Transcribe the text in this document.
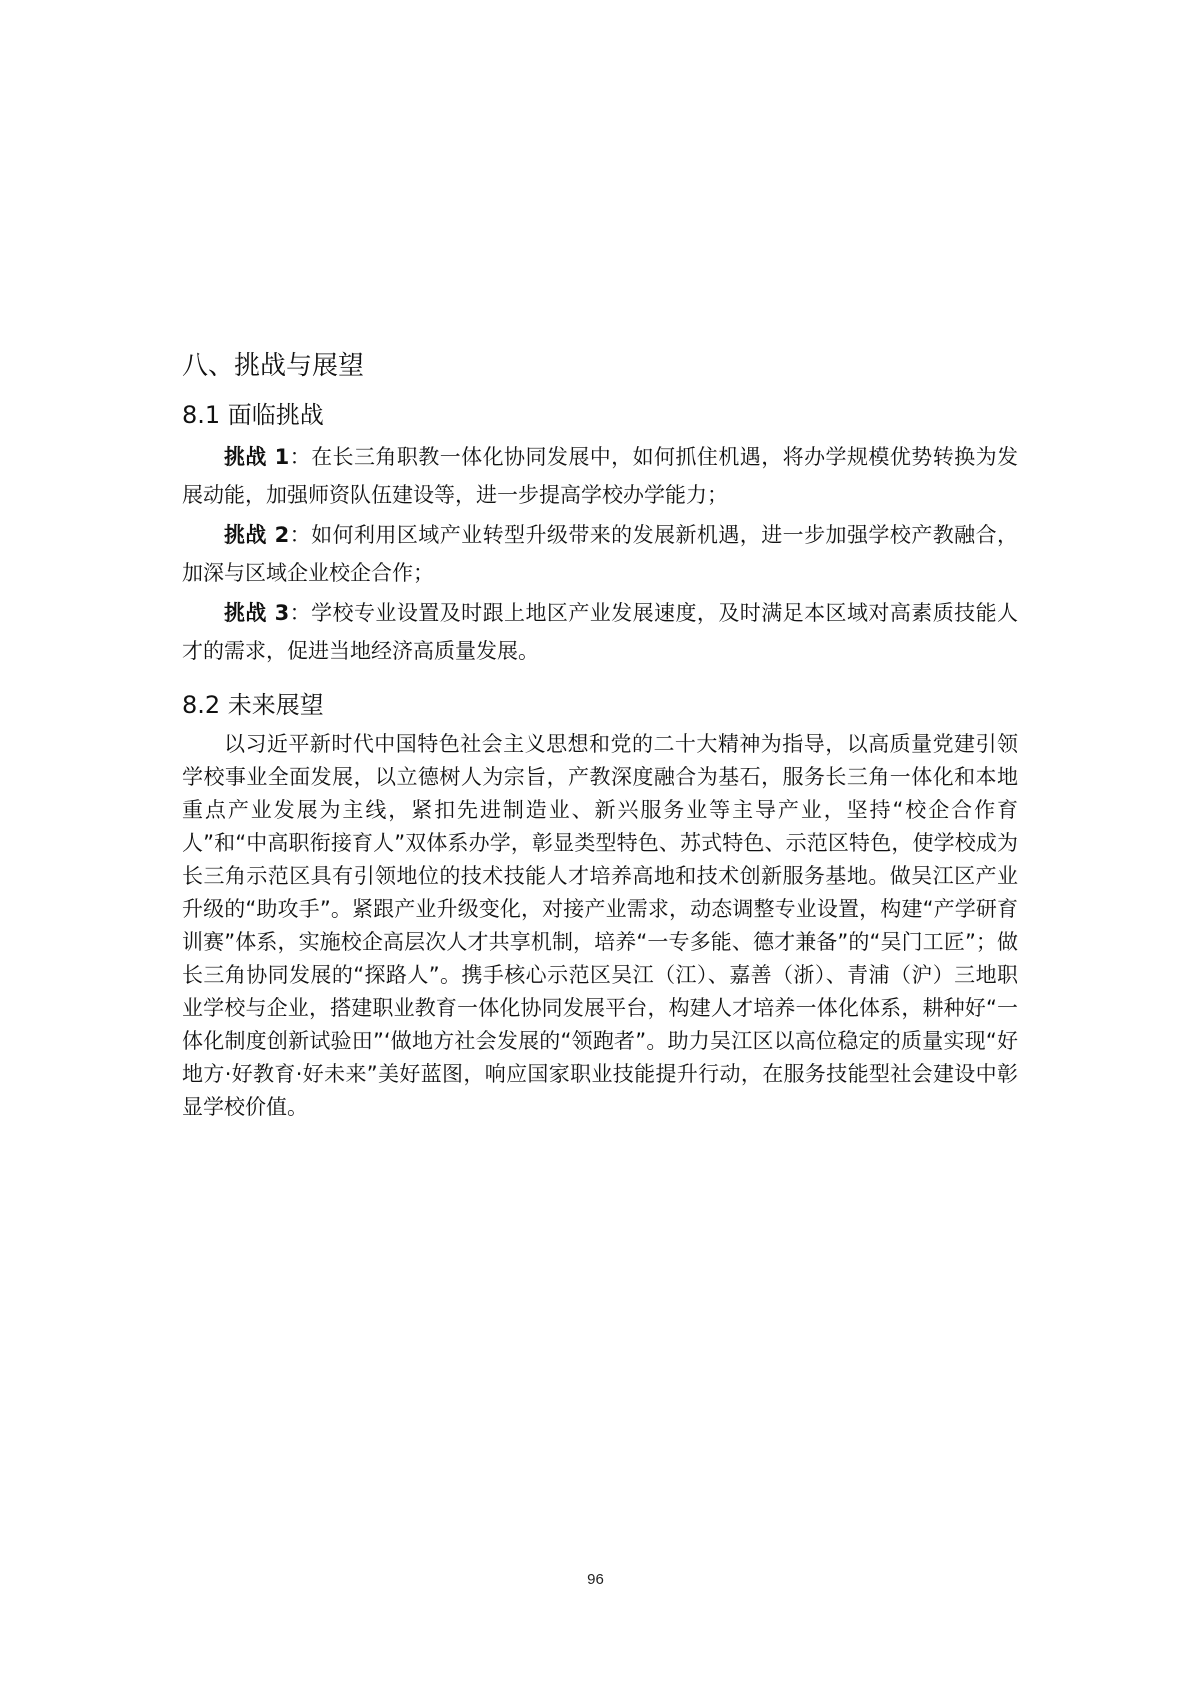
八、挑战与展望
8.1 面临挑战

挑战 1：在长三角职教一体化协同发展中，如何抓住机遇，将办学规模优势转换为发展动能，加强师资队伍建设等，进一步提高学校办学能力；

挑战 2：如何利用区域产业转型升级带来的发展新机遇，进一步加强学校产教融合，加深与区域企业校企合作；

挑战 3：学校专业设置及时跟上地区产业发展速度，及时满足本区域对高素质技能人才的需求，促进当地经济高质量发展。

8.2 未来展望

以习近平新时代中国特色社会主义思想和党的二十大精神为指导，以高质量党建引领学校事业全面发展，以立德树人为宗旨，产教深度融合为基石，服务长三角一体化和本地重点产业发展为主线，紧扣先进制造业、新兴服务业等主导产业，坚持“校企合作育人”和“中高职衔接育人”双体系办学，彰显类型特色、苏式特色、示范区特色，使学校成为长三角示范区具有引领地位的技术技能人才培养高地和技术创新服务基地。做吴江区产业升级的“助攻手”。紧跟产业升级变化，对接产业需求，动态调整专业设置，构建“产学研育训赛”体系，实施校企高层次人才共享机制，培养“一专多能、德才兼备”的“吴门工匠”；做长三角协同发展的“探路人”。携手核心示范区吴江（江）、嘉善（浙）、青浦（沪）三地职业学校与企业，搭建职业教育一体化协同发展平台，构建人才培养一体化体系，耕种好“一体化制度创新试验田”‘做地方社会发展的“领跑者”。助力吴江区以高位稳定的质量实现“好地方·好教育·好未来”美好蓝图，响应国家职业技能提升行动，在服务技能型社会建设中彰显学校价值。

96
